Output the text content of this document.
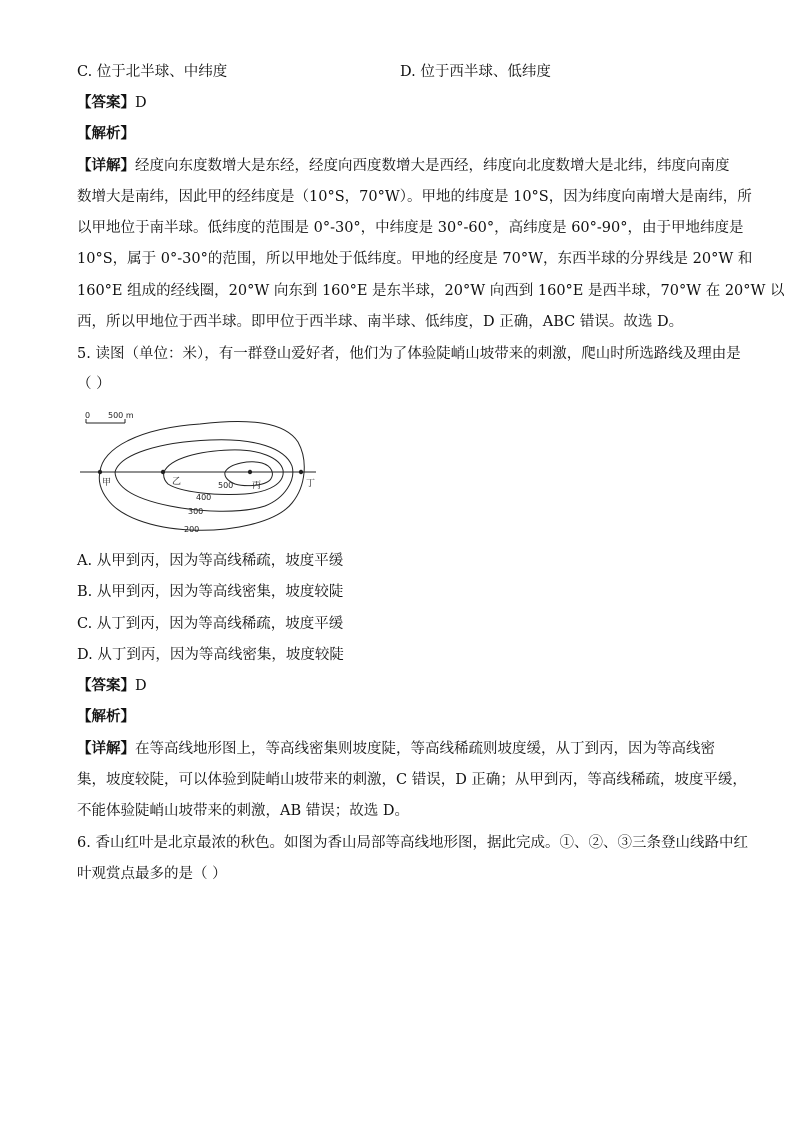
C. 位于北半球、中纬度	D. 位于西半球、低纬度
【答案】D
【解析】
【详解】经度向东度数增大是东经，经度向西度数增大是西经，纬度向北度数增大是北纬，纬度向南度
数增大是南纬，因此甲的经纬度是（10°S，70°W）。甲地的纬度是 10°S，因为纬度向南增大是南纬，所
以甲地位于南半球。低纬度的范围是 0°-30°，中纬度是 30°-60°，高纬度是 60°-90°，由于甲地纬度是
10°S，属于 0°-30°的范围，所以甲地处于低纬度。甲地的经度是 70°W，东西半球的分界线是 20°W 和
160°E 组成的经线圈，20°W 向东到 160°E 是东半球，20°W 向西到 160°E 是西半球，70°W 在 20°W 以
西，所以甲地位于西半球。即甲位于西半球、南半球、低纬度，D 正确，ABC 错误。故选 D。
5. 读图（单位：米），有一群登山爱好者，他们为了体验陡峭山坡带来的刺激，爬山时所选路线及理由是
（ ）
0 500 m
甲	乙	丙	丁
500
400
300
200
A. 从甲到丙，因为等高线稀疏，坡度平缓
B. 从甲到丙，因为等高线密集，坡度较陡
C. 从丁到丙，因为等高线稀疏，坡度平缓
D. 从丁到丙，因为等高线密集，坡度较陡
【答案】D
【解析】
【详解】在等高线地形图上，等高线密集则坡度陡，等高线稀疏则坡度缓，从丁到丙，因为等高线密
集，坡度较陡，可以体验到陡峭山坡带来的刺激，C 错误，D 正确；从甲到丙，等高线稀疏，坡度平缓，
不能体验陡峭山坡带来的刺激，AB 错误；故选 D。
6. 香山红叶是北京最浓的秋色。如图为香山局部等高线地形图，据此完成。①、②、③三条登山线路中红
叶观赏点最多的是（ ）
